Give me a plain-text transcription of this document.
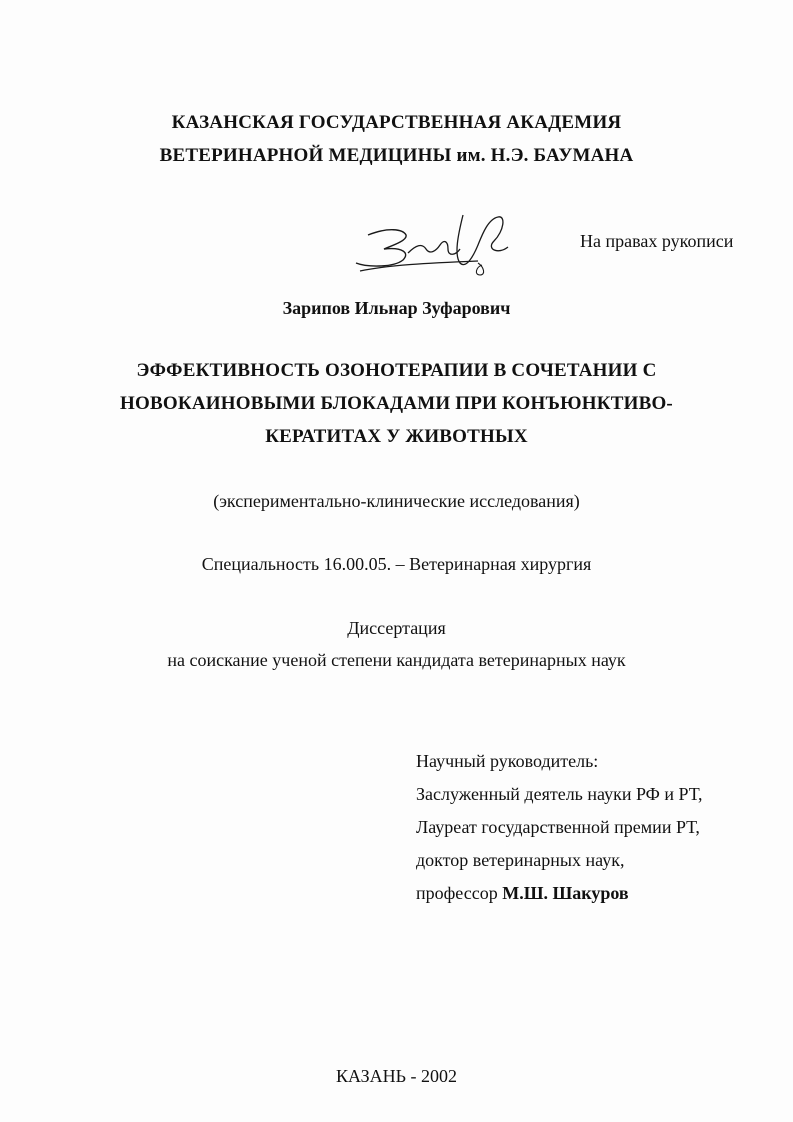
КАЗАНСКАЯ ГОСУДАРСТВЕННАЯ АКАДЕМИЯ
ВЕТЕРИНАРНОЙ МЕДИЦИНЫ им. Н.Э. БАУМАНА
На правах рукописи
Зарипов Ильнар Зуфарович
ЭФФЕКТИВНОСТЬ ОЗОНОТЕРАПИИ В СОЧЕТАНИИ С
НОВОКАИНОВЫМИ БЛОКАДАМИ ПРИ КОНЪЮНКТИВО-
КЕРАТИТАХ У ЖИВОТНЫХ
(экспериментально-клинические исследования)
Специальность 16.00.05. – Ветеринарная хирургия
Диссертация
на соискание ученой степени кандидата ветеринарных наук
Научный руководитель:
Заслуженный деятель науки РФ и РТ,
Лауреат государственной премии РТ,
доктор ветеринарных наук,
профессор М.Ш. Шакуров
КАЗАНЬ - 2002
